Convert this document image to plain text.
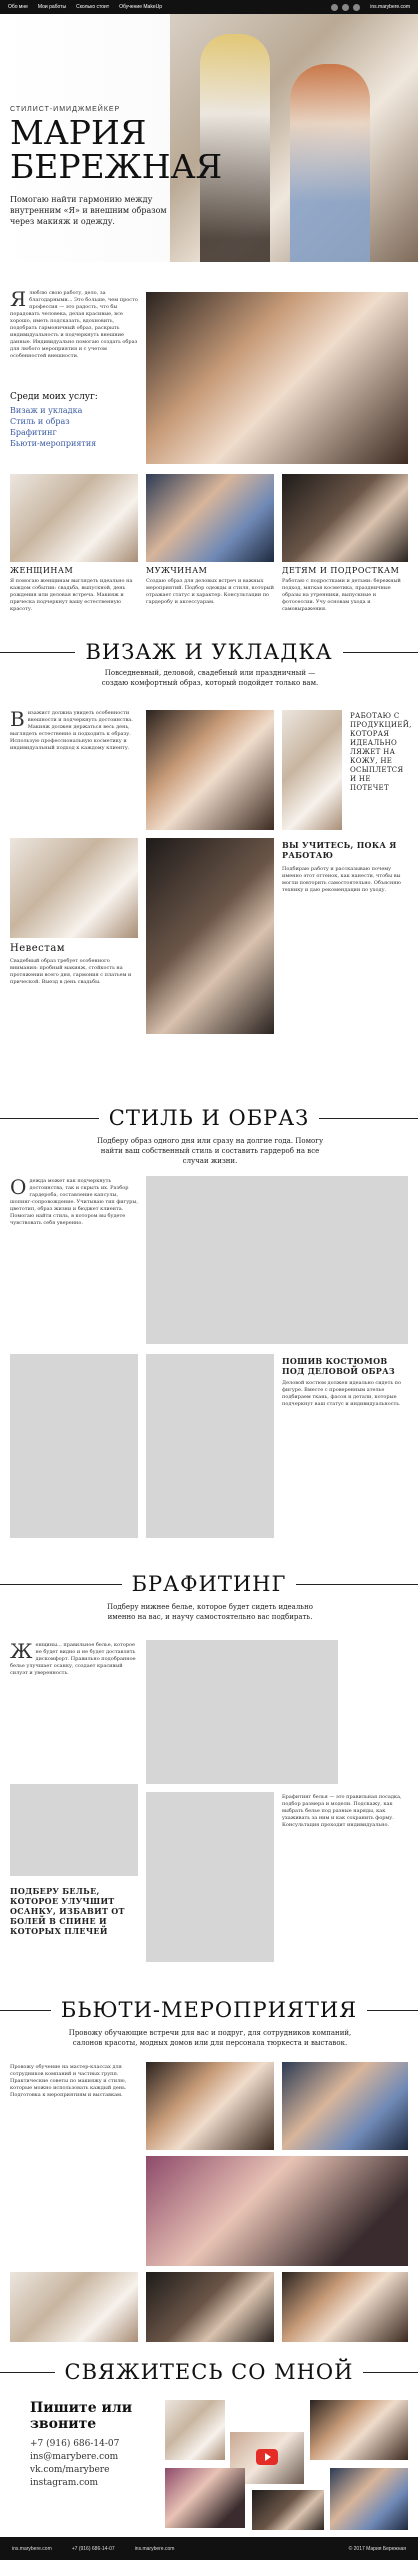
Обо мне Мои работы Сколько стоит Обучение MakeUp	ins.marybere.com
СТИЛИСТ-ИМИДЖМЕЙКЕР
МАРИЯ
БЕРЕЖНАЯ
Помогаю найти гармонию между внутренним «Я» и внешним образом через макияж и одежду.
Ялюблю свою работу, дело, за благодарными... Это больше, чем просто профессия — это радость, что бы порадовать человека, делая красивые, все хорошо, иметь подсказать, вдохновить, подобрать гармоничный образ, раскрыть индивидуальность и подчеркнуть внешние данные. Индивидуально помогаю создать образ для любого мероприятия и с учетом особенностей внешности.
Среди моих услуг:
Визаж и укладка
Стиль и образ
Брафитинг
Бьюти-мероприятия
ЖЕНЩИНАМ	МУЖЧИНАМ	ДЕТЯМ И ПОДРОСТКАМ
Я помогаю женщинам выглядеть идеально на каждом событии: свадьба, выпускной, день рождения или деловая встреча. Макияж и прическа подчеркнут вашу естественную красоту.
Создаю образ для деловых встреч и важных мероприятий. Подбор одежды и стиля, который отражает статус и характер. Консультации по гардеробу и аксессуарам.
Работаю с подростками и детьми: бережный подход, мягкая косметика, праздничные образы на утренники, выпускные и фотосессии. Учу основам ухода и самовыражения.
ВИЗАЖ И УКЛАДКА
Повседневный, деловой, свадебный или праздничный — создаю комфортный образ, который подойдет только вам.
Визажист должна увидеть особенности внешности и подчеркнуть достоинства. Макияж должен держаться весь день, выглядеть естественно и подходить к образу. Использую профессиональную косметику и индивидуальный подход к каждому клиенту.
РАБОТАЮ С ПРОДУКЦИЕЙ, КОТОРАЯ ИДЕАЛЬНО ЛЯЖЕТ НА КОЖУ, НЕ ОСЫПЛЕТСЯ И НЕ ПОТЕЧЕТ
ВЫ УЧИТЕСЬ, ПОКА Я РАБОТАЮ
Подбираю работу и рассказываю почему именно этот оттенок, как нанести, чтобы вы могли повторить самостоятельно. Объясняю технику и даю рекомендации по уходу.
Невестам
Свадебный образ требует особенного внимания: пробный макияж, стойкость на протяжении всего дня, гармония с платьем и прической. Выезд в день свадьбы.
СТИЛЬ И ОБРАЗ
Подберу образ одного дня или сразу на долгие года. Помогу найти ваш собственный стиль и составить гардероб на все случаи жизни.
Одежда может как подчеркнуть достоинства, так и скрыть их. Разбор гардероба, составление капсулы, шопинг-сопровождение. Учитываю тип фигуры, цветотип, образ жизни и бюджет клиента. Помогаю найти стиль, в котором вы будете чувствовать себя уверенно.
ПОШИВ КОСТЮМОВ ПОД ДЕЛОВОЙ ОБРАЗ
Деловой костюм должен идеально сидеть по фигуре. Вместе с проверенным ателье подбираем ткань, фасон и детали, которые подчеркнут ваш статус и индивидуальность.
БРАФИТИНГ
Подберу нижнее белье, которое будет сидеть идеально именно на вас, и научу самостоятельно вас подбирать.
Женщины... правильное белье, которое не будет видно и не будет доставлять дискомфорт. Правильно подобранное белье улучшает осанку, создает красивый силуэт и уверенность.
Брафитинг белья — это правильная посадка, подбор размера и модели. Подскажу, как выбрать белье под разные наряды, как ухаживать за ним и как сохранить форму. Консультация проходит индивидуально.
ПОДБЕРУ БЕЛЬЕ, КОТОРОЕ УЛУЧШИТ ОСАНКУ, ИЗБАВИТ ОТ БОЛЕЙ В СПИНЕ И КОТОРЫХ ПЛЕЧЕЙ
БЬЮТИ-МЕРОПРИЯТИЯ
Провожу обучающие встречи для вас и подруг, для сотрудников компаний, салонов красоты, модных домов или для персонала тюркеста и выставок.
Провожу обучение на мастер-классах для сотрудников компаний и частных групп. Практические советы по макияжу и стилю, которые можно использовать каждый день. Подготовка к мероприятиям и выставкам.
СВЯЖИТЕСЬ СО МНОЙ
Пишите или звоните
+7 (916) 686-14-07
ins@marybere.com
vk.com/marybere
instagram.com
ins.marybere.com	+7 (916) 686-14-07	ins.marybere.com	© 2017 Мария Бережная
